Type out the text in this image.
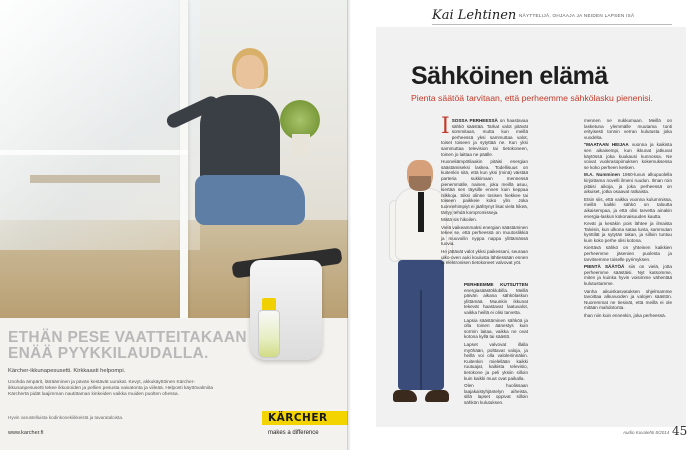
ETHÄN PESE VAATTEITAKAAN ENÄÄ PYYKKILAUDALLA.
Kärcher-ikkunapesusetti. Kirkkaasti helpompi.
Unohda ämpärit, läträäminen ja pävän kestävät uurakat. Kevyt, akkukäyttöinen Kärcher-ikkunanpesusetti tekee ikkunoiden ja pellien pesusta vaivatonta ja viileää. Helposti käyttövalmiita Kärchertä pidät laajimman nautittaman kinkeiden vaikka muiden puolten ohessa.
Hyvin varustelluista kodinkonekiikkeistä ja tavarataloista.
www.karcher.fi
KÄRCHER
makes a difference
Kai Lehtinen NÄYTTELIJÄ, OHJAAJA JA NEIDEN LAPSEN ISÄ
Sähköinen elämä
Pienta säätöä tarvitaan, että perheemme sähkölasku pienenisi.

I SOSSA PERHEESSÄ on haastavaa sähkö säästää. Tarkat valot pitävät sommitaan, mutta kun meillä perheessä yksi sammuttaa valot, toiset toiseen ja sytyttää ne. Kun yksi sammuttaa television tai tietokoneen, toinen jo laittaa ne päälle.

Huoneliämpötilaakin pitäisi energian säästämiseksi laskea. Todellisuus on kuitenkin sitä, että kun yksi (minä) väistää parteria sukkimaan mennessä pienemmälle, nainen, joka meillä asuu, kiertää sen täysille ennen kuin keppaa nilkkoja. Siksi olinne tosisen hiekkee tai toiseen paikkeie koko ylin. Joka tuonnehimpiyt ei jäähtynyt lisat vielä hikeä, tärtyy tehdä kompromisseja.

Mistä sis hikoilen.

Vielä vaikeammaksi energian säästäminen tekee se, että perheessä on muutoslikkiä ja muuvoilin nyppa nappa ylittämässä tuovia.

He jättävät valot ykksi paikessani, seuraan ulko-oven auki koulusta lähtiessään ennen ja elektronisen tietokoneet valvovat yöt.

PERHEEMME KUTSUTTEN energiasäästöklubilla. Meillä päivän aikana sähkölaskun ylittämää. Muunkin ikkunat tekevät haastavat laatuvalot, vaikka heillä ei olisi tarvetta.

Lapsia säästäminen sähköä ja olla toinen äänestys kuin sormin laitaa, vaikka ne ovat kotona kyllä tai säästö.

Lapset valvovat illalla myöhään, polttavat valoja, ja heillä voi olla valoleirinnäkin. Kuitenkin mielellään kaikki ruutuajat, kaikista televisio, tietokone ja peli yksiin silloin kuin kaikki muut ovat paikalla.

Olen huolissaan laajakaistyhjäntelyn aiheista, sillä lapset oppivat silloin sähkön kulutuksen.

mennen ne nukkumaan. Meillä on lasketuna ylemmälle muutama tunti erityisesti tonnin verran kulutusta joka vuodelta.

"MAATAAN HEIJAA vuonna ja kaikista sen aikaisempi, kun ikkunat jatkuvat käytössä joka kuukausi kunnossa. Ne voivat vuokrasopimuksen kokemuksessa se koko perheen kesken.

M.A. Numminen 1960-luvun alkupuolella kirjoittama novelli ilmeni ruudun. Ilman roin pitäisi aikoja, ja joka perheessä on aikuiset, jotka osaavat ratkaista.

Etsin siis, että vaikka vuonna kulummissa, meillä kaikki sähkö on taloutta aikaisempaa, ja että olisi tarvetta ainakin energia-laskun kokonaisuuden kautta.

Kevät ja kesäkin pois lähtee ja ilmaista Talvisin, kun ulkona sataa lunta, sammutan kynttilät ja sytytän takan, ja silloin tuntuu kuin koko perhe olisi kotona.

Kiertävä sähkö on yhteinen kaikkien perheemme jäsenien puolesta ja tarvitsemme toiselle pyrimyksen.

PIENTÄ SÄÄTÖÄ siis on vielä, jotta perheemme säästäisi. Nyt katsomme, miten ja kuinka hyvin voisimme vähentää kulutustamme.

Vanha aikuiskasvatuksen ohjelmamme tavoittaa alkuvuoden ja valojen säästön. Nuoremmat ne tiesivät, että meillä ei ole mitään mahdotonta.

Ihan niin kuin ennenkin, joka perheessä.

Audio Kuvalehti 8/2014 45
